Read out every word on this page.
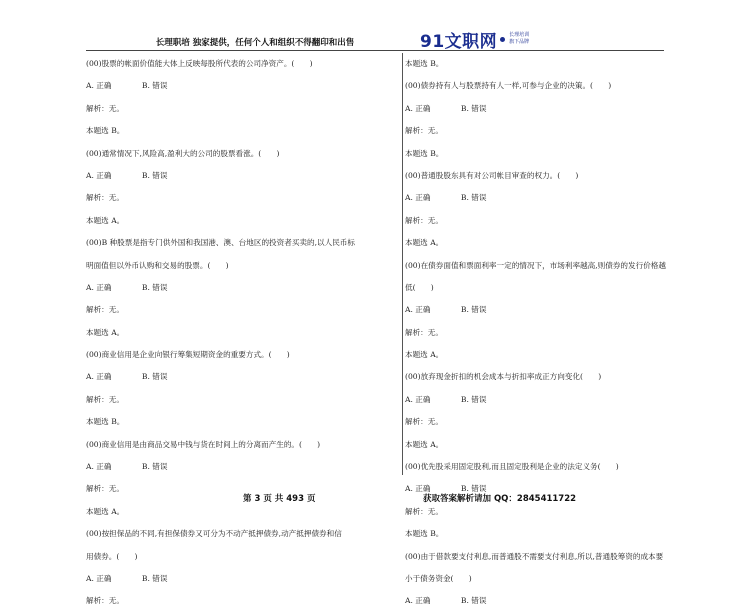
长理职培 独家提供，任何个人和组织不得翻印和出售	91文职网 长理培训
旗下品牌
(00)股票的帐面价值能大体上反映每股所代表的公司净资产。(　　)
A. 正确　　　　B. 错误
解析：无。
本题选 B。
(00)通常情况下,风险高,盈利大的公司的股票看涨。(　　)
A. 正确　　　　B. 错误
解析：无。
本题选 A。
(00)B 种股票是指专门供外国和我国港、澳、台地区的投资者买卖的,以人民币标
明面值但以外币认购和交易的股票。(　　)
A. 正确　　　　B. 错误
解析：无。
本题选 A。
(00)商业信用是企业向银行筹集短期资金的重要方式。(　　)
A. 正确　　　　B. 错误
解析：无。
本题选 B。
(00)商业信用是由商品交易中钱与货在时间上的分离而产生的。(　　)
A. 正确　　　　B. 错误
解析：无。
本题选 A。
(00)按担保品的不同,有担保债券又可分为不动产抵押债券,动产抵押债券和信
用债券。(　　)
A. 正确　　　　B. 错误
解析：无。
本题选 B。
(00)债券持有人与股票持有人一样,可参与企业的决策。(　　)
A. 正确　　　　B. 错误
解析：无。
本题选 B。
(00)普通股股东具有对公司帐目审查的权力。(　　)
A. 正确　　　　B. 错误
解析：无。
本题选 A。
(00)在债券面值和票面利率一定的情况下，市场利率越高,则债券的发行价格越
低(　　)
A. 正确　　　　B. 错误
解析：无。
本题选 A。
(00)放弃现金折扣的机会成本与折扣率成正方向变化(　　)
A. 正确　　　　B. 错误
解析：无。
本题选 A。
(00)优先股采用固定股利,而且固定股利是企业的法定义务(　　)
A. 正确　　　　B. 错误
解析：无。
本题选 B。
(00)由于借款要支付利息,而普通股不需要支付利息,所以,普通股筹资的成本要
小于债务资金(　　)
A. 正确　　　　B. 错误
第 3 页 共 493 页	获取答案解析请加 QQ：2845411722
